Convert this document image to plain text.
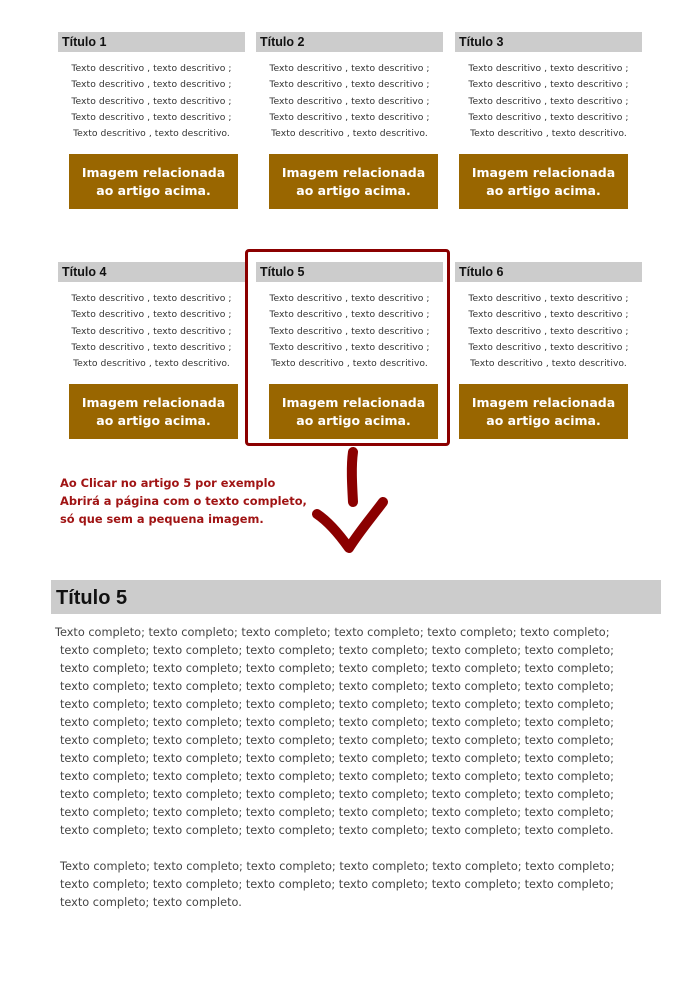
Título 1
Texto descritivo , texto descritivo ;
Texto descritivo , texto descritivo ;
Texto descritivo , texto descritivo ;
Texto descritivo , texto descritivo ;
Texto descritivo , texto descritivo.
Imagem relacionada
ao artigo acima.
Título 2
Texto descritivo , texto descritivo ;
Texto descritivo , texto descritivo ;
Texto descritivo , texto descritivo ;
Texto descritivo , texto descritivo ;
Texto descritivo , texto descritivo.
Imagem relacionada
ao artigo acima.
Título 3
Texto descritivo , texto descritivo ;
Texto descritivo , texto descritivo ;
Texto descritivo , texto descritivo ;
Texto descritivo , texto descritivo ;
Texto descritivo , texto descritivo.
Imagem relacionada
ao artigo acima.
Título 4
Texto descritivo , texto descritivo ;
Texto descritivo , texto descritivo ;
Texto descritivo , texto descritivo ;
Texto descritivo , texto descritivo ;
Texto descritivo , texto descritivo.
Imagem relacionada
ao artigo acima.
Título 5
Texto descritivo , texto descritivo ;
Texto descritivo , texto descritivo ;
Texto descritivo , texto descritivo ;
Texto descritivo , texto descritivo ;
Texto descritivo , texto descritivo.
Imagem relacionada
ao artigo acima.
Título 6
Texto descritivo , texto descritivo ;
Texto descritivo , texto descritivo ;
Texto descritivo , texto descritivo ;
Texto descritivo , texto descritivo ;
Texto descritivo , texto descritivo.
Imagem relacionada
ao artigo acima.
Ao Clicar no artigo 5 por exemplo
Abrirá a página com o texto completo,
só que sem a pequena imagem.
Título 5
Texto completo; texto completo; texto completo; texto completo; texto completo; texto completo;
texto completo; texto completo; texto completo; texto completo; texto completo; texto completo;
texto completo; texto completo; texto completo; texto completo; texto completo; texto completo;
texto completo; texto completo; texto completo; texto completo; texto completo; texto completo;
texto completo; texto completo; texto completo; texto completo; texto completo; texto completo;
texto completo; texto completo; texto completo; texto completo; texto completo; texto completo;
texto completo; texto completo; texto completo; texto completo; texto completo; texto completo;
texto completo; texto completo; texto completo; texto completo; texto completo; texto completo;
texto completo; texto completo; texto completo; texto completo; texto completo; texto completo;
texto completo; texto completo; texto completo; texto completo; texto completo; texto completo;
texto completo; texto completo; texto completo; texto completo; texto completo; texto completo;
texto completo; texto completo; texto completo; texto completo; texto completo; texto completo.
Texto completo; texto completo; texto completo; texto completo; texto completo; texto completo;
texto completo; texto completo; texto completo; texto completo; texto completo; texto completo;
texto completo; texto completo.
